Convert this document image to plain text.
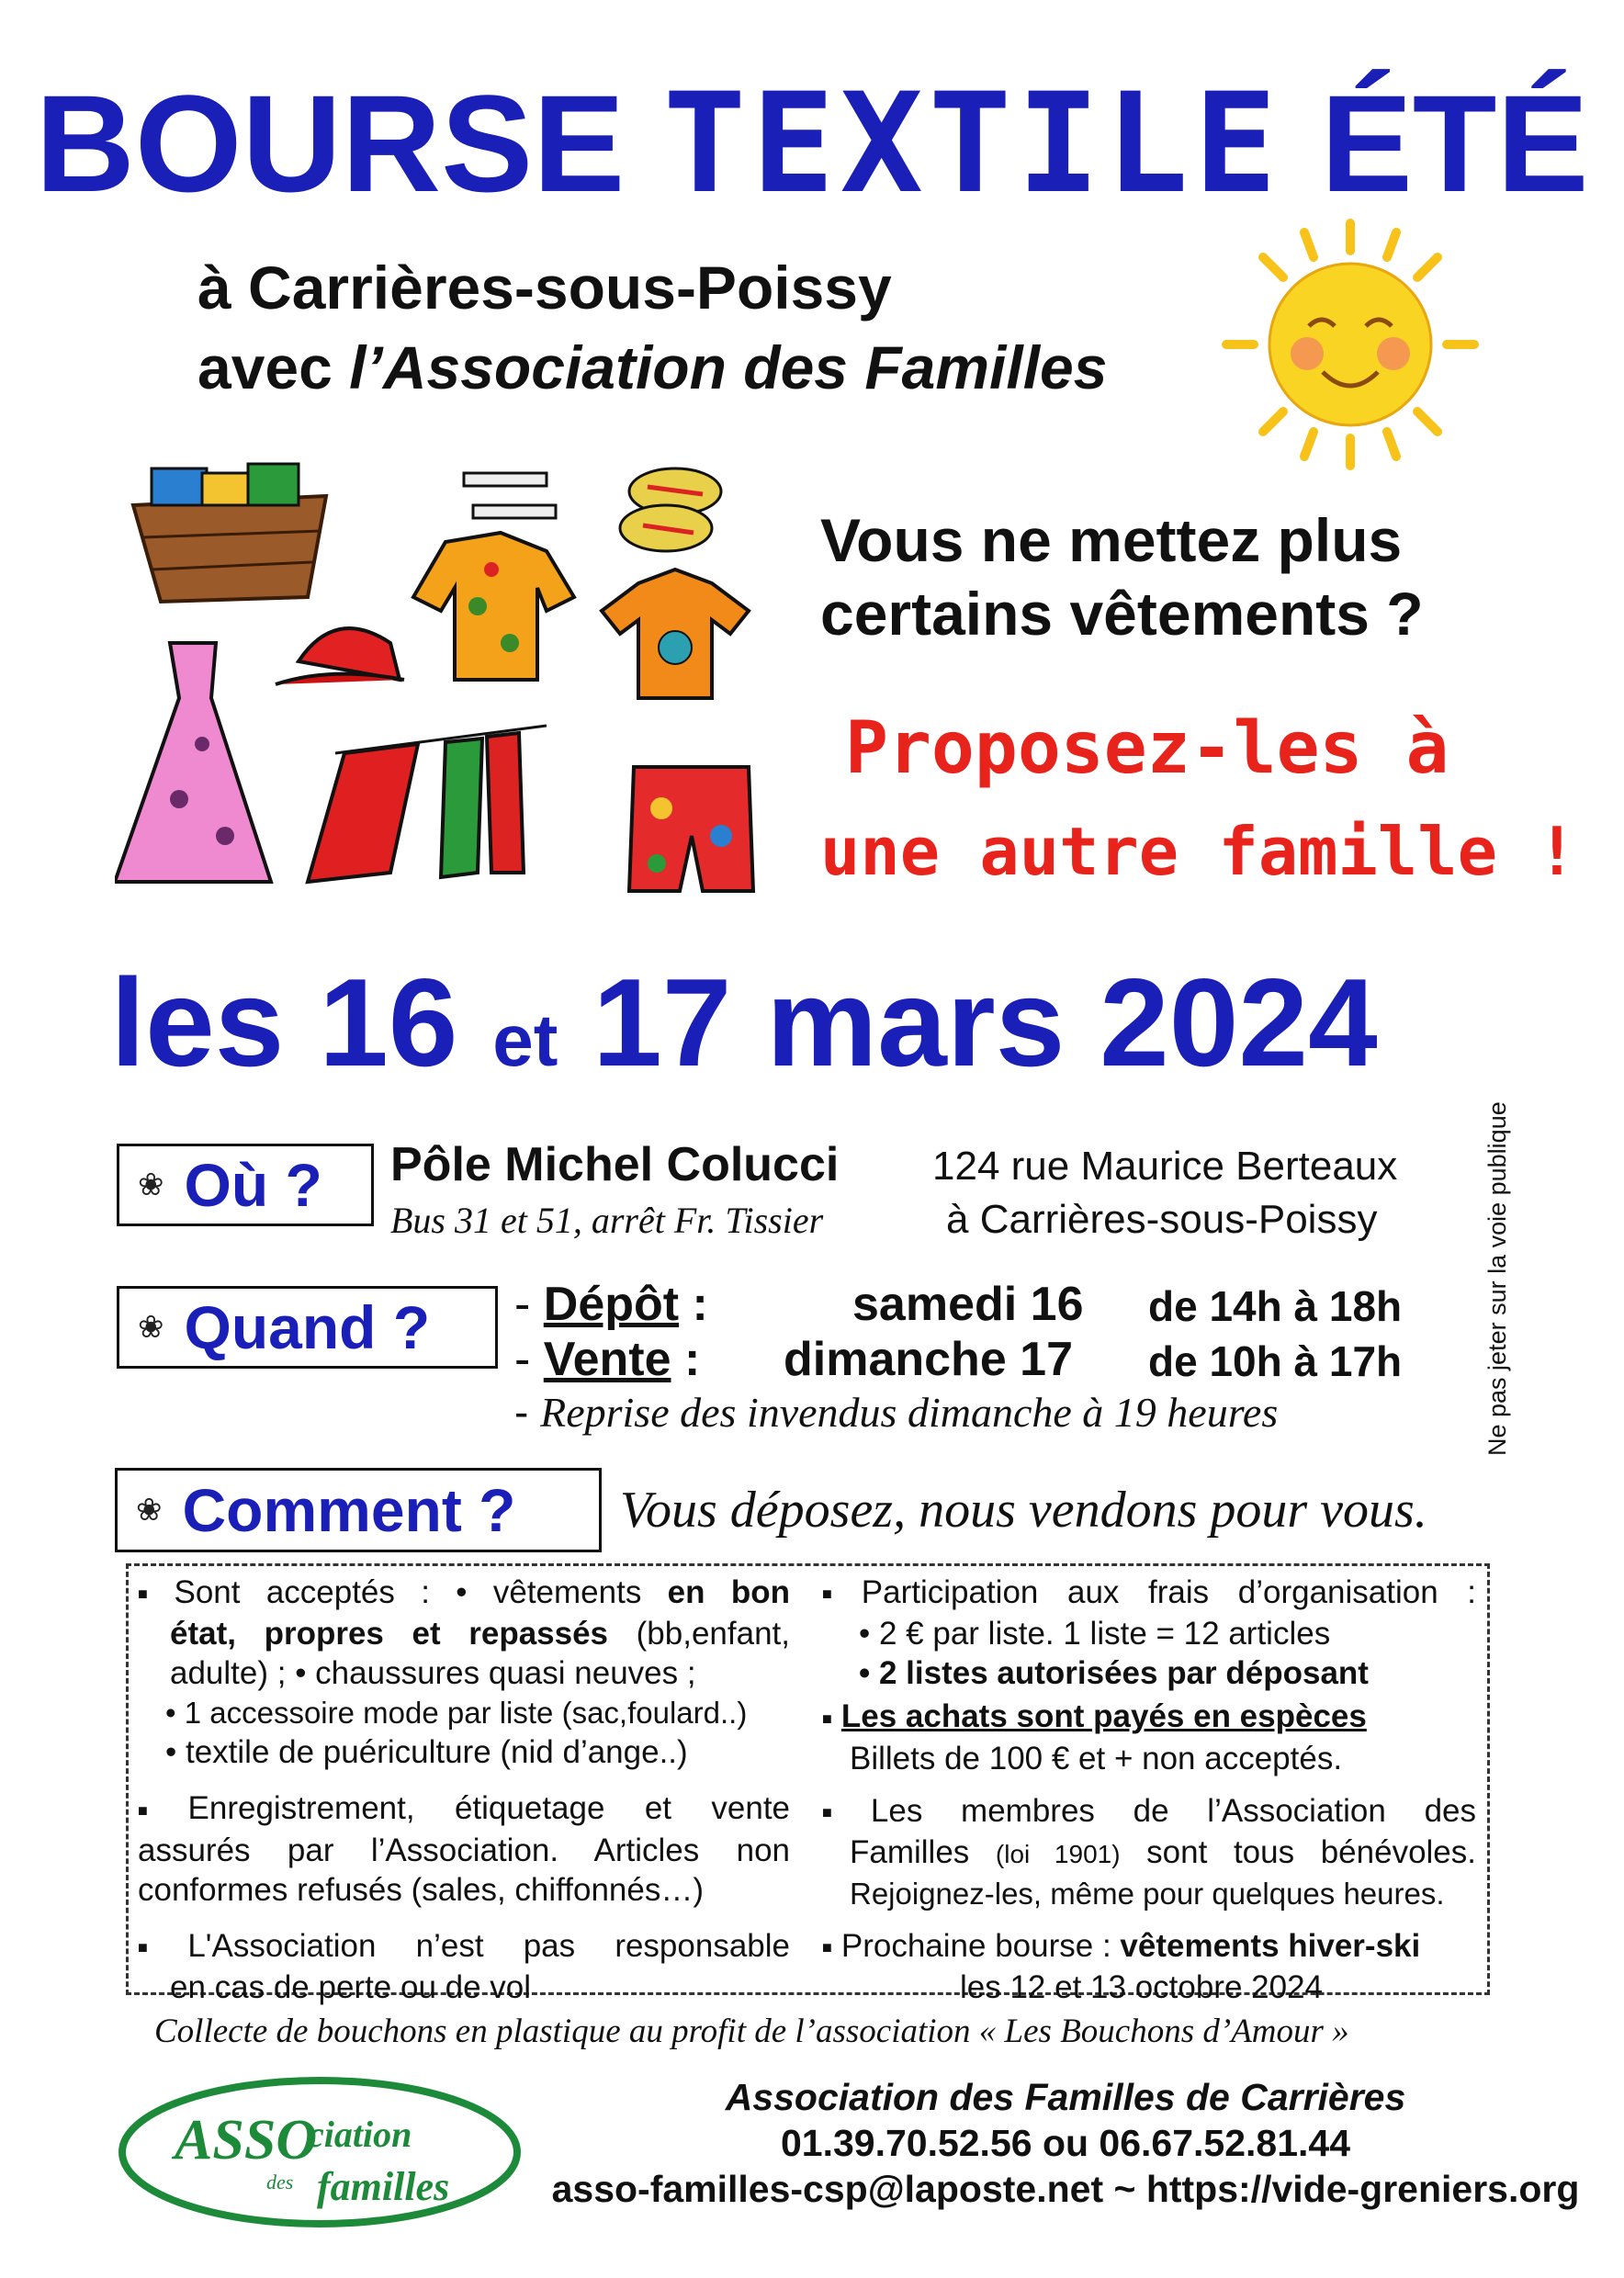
BOURSE TEXTILE ÉTÉ
à Carrières-sous-Poissy
avec l’Association des Familles
Vous ne mettez plus
certains vêtements ?
Proposez-les à
une autre famille !
les 16 et 17 mars 2024
Ne pas jeter sur la voie publique
❀ Où ? Pôle Michel Colucci 124 rue Maurice Berteaux
Bus 31 et 51, arrêt Fr. Tissier	à Carrières-sous-Poissy
❀ Quand ? - Dépôt :	samedi 16 de 14h à 18h
- Vente : dimanche 17 de 10h à 17h
- Reprise des invendus dimanche à 19 heures
❀ Comment ? Vous déposez, nous vendons pour vous.

■ Sont acceptés : • vêtements en bon

état, propres et repassés (bb,enfant,

adulte) ; • chaussures quasi neuves ;

• 1 accessoire mode par liste (sac,foulard..)

• textile de puériculture (nid d’ange..)

■ Enregistrement, étiquetage et vente

assurés par l’Association. Articles non

conformes refusés (sales, chiffonnés…)

■ L'Association n’est pas responsable

en cas de perte ou de vol

■ Participation aux frais d’organisation :

• 2 € par liste. 1 liste = 12 articles

• 2 listes autorisées par déposant

■ Les achats sont payés en espèces

Billets de 100 € et + non acceptés.

■ Les membres de l’Association des

Familles (loi 1901) sont tous bénévoles.

Rejoignez-les, même pour quelques heures.

■ Prochaine bourse : vêtements hiver-ski

les 12 et 13 octobre 2024

Collecte de bouchons en plastique au profit de l’association « Les Bouchons d’Amour »
ASSO
ciation
des familles
Association des Familles de Carrières
01.39.70.52.56 ou 06.67.52.81.44
asso-familles-csp@laposte.net ~ https://vide-greniers.org
